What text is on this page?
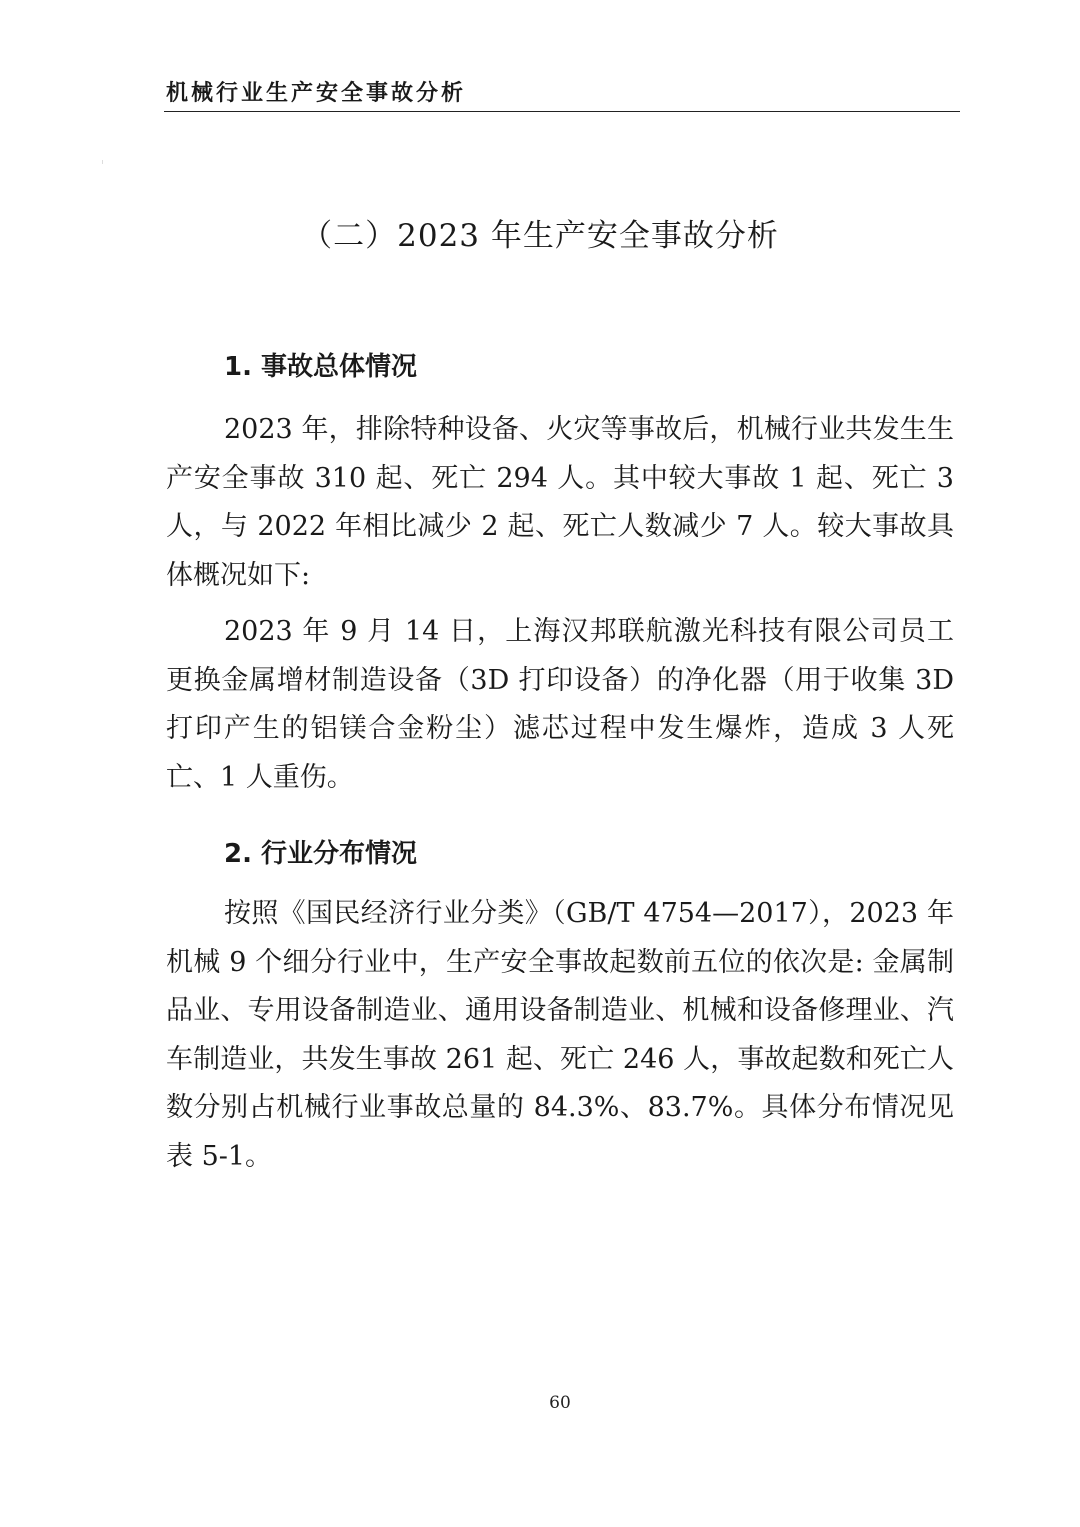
机械行业生产安全事故分析
（二）2023 年生产安全事故分析
1. 事故总体情况

2023 年，排除特种设备、火灾等事故后，机械行业共发生生产安全事故 310 起、死亡 294 人。其中较大事故 1 起、死亡 3 人，与 2022 年相比减少 2 起、死亡人数减少 7 人。较大事故具体概况如下:

2023 年 9 月 14 日，上海汉邦联航激光科技有限公司员工更换金属增材制造设备（3D 打印设备）的净化器（用于收集 3D 打印产生的铝镁合金粉尘）滤芯过程中发生爆炸，造成 3 人死亡、1 人重伤。

2. 行业分布情况

按照《国民经济行业分类》（GB/T 4754—2017），2023 年机械 9 个细分行业中，生产安全事故起数前五位的依次是: 金属制品业、专用设备制造业、通用设备制造业、机械和设备修理业、汽车制造业，共发生事故 261 起、死亡 246 人，事故起数和死亡人数分别占机械行业事故总量的 84.3%、83.7%。具体分布情况见表 5-1。

60
